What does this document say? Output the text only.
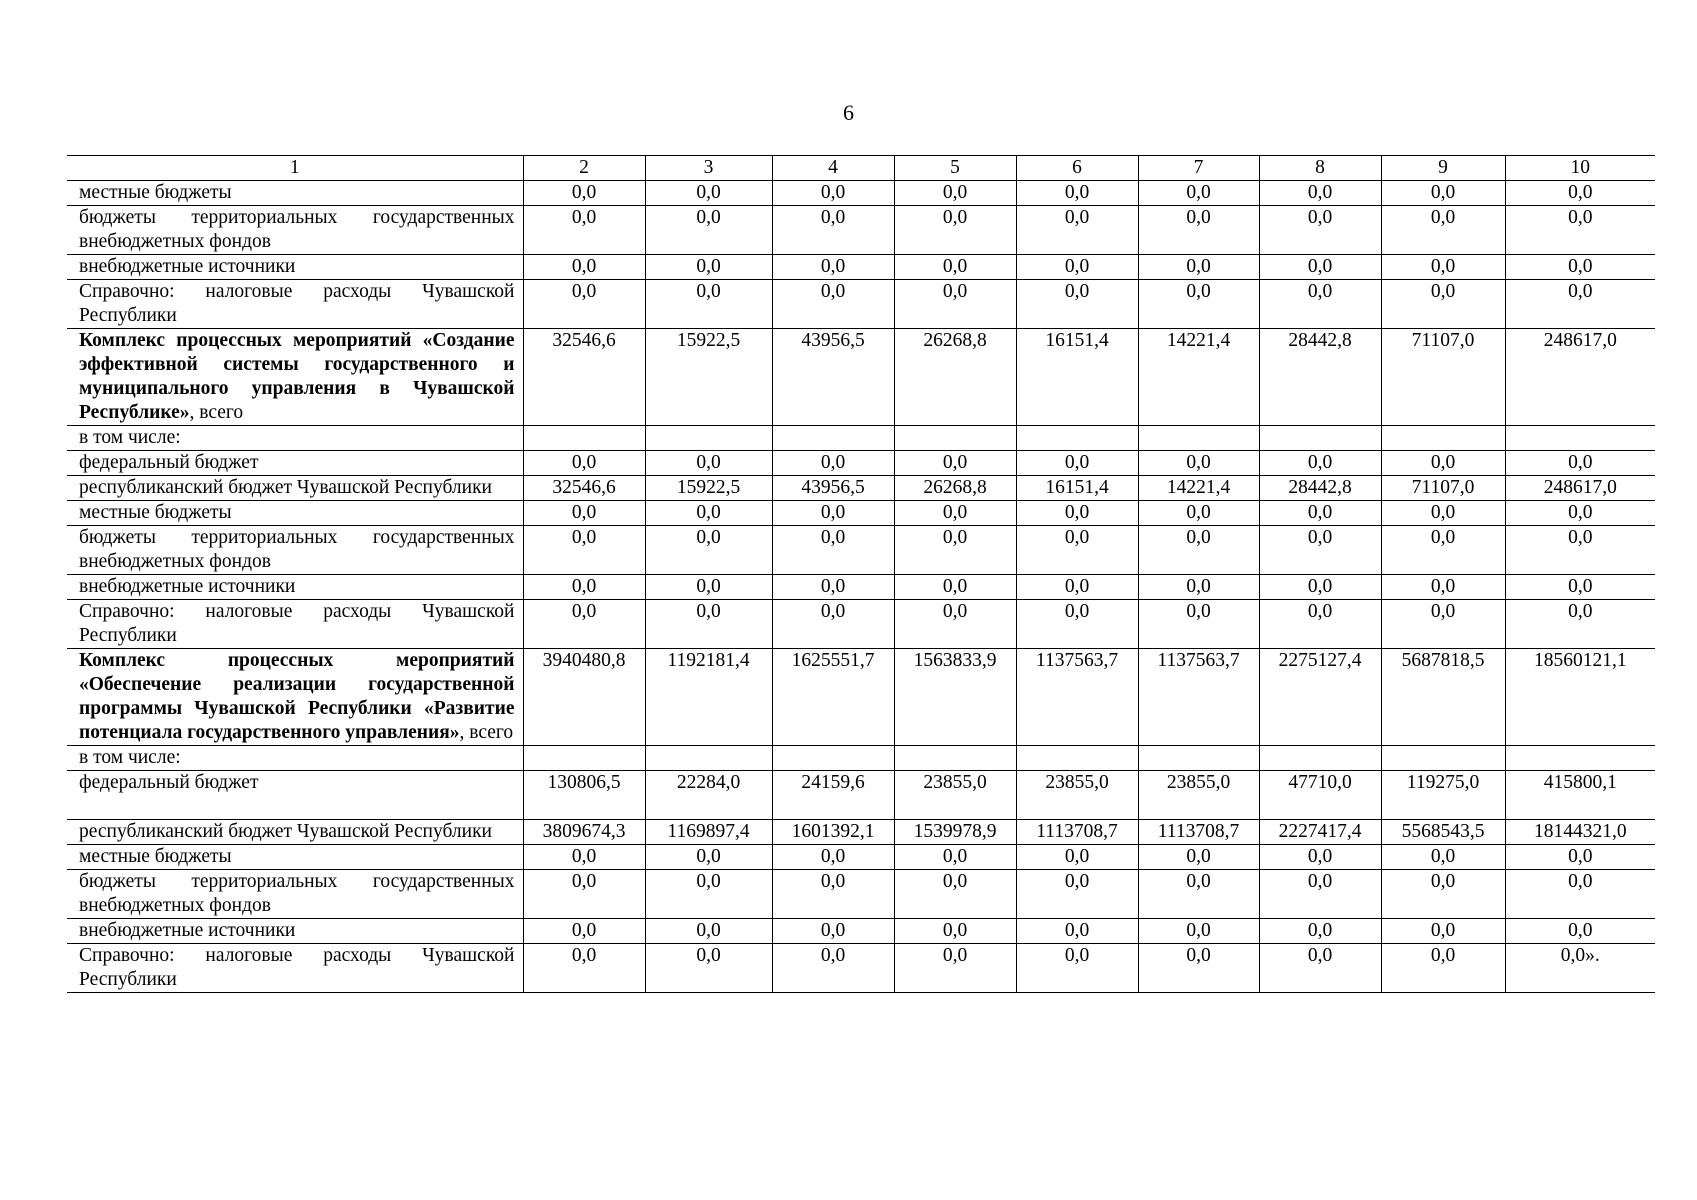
6
1	2	3	4	5	6	7	8	9	10
местные бюджеты	0,0	0,0	0,0	0,0	0,0	0,0	0,0	0,0	0,0
бюджеты территориальных государственных внебюджетных фондов	0,0	0,0	0,0	0,0	0,0	0,0	0,0	0,0	0,0
внебюджетные источники	0,0	0,0	0,0	0,0	0,0	0,0	0,0	0,0	0,0
Справочно: налоговые расходы Чувашской Республики	0,0	0,0	0,0	0,0	0,0	0,0	0,0	0,0	0,0
Комплекс процессных мероприятий «Создание эффективной системы государственного и муниципального управления в Чувашской Республике», всего	32546,6	15922,5	43956,5	26268,8	16151,4	14221,4	28442,8	71107,0	248617,0
в том числе:									
федеральный бюджет	0,0	0,0	0,0	0,0	0,0	0,0	0,0	0,0	0,0
республиканский бюджет Чувашской Республики	32546,6	15922,5	43956,5	26268,8	16151,4	14221,4	28442,8	71107,0	248617,0
местные бюджеты	0,0	0,0	0,0	0,0	0,0	0,0	0,0	0,0	0,0
бюджеты территориальных государственных внебюджетных фондов	0,0	0,0	0,0	0,0	0,0	0,0	0,0	0,0	0,0
внебюджетные источники	0,0	0,0	0,0	0,0	0,0	0,0	0,0	0,0	0,0
Справочно: налоговые расходы Чувашской Республики	0,0	0,0	0,0	0,0	0,0	0,0	0,0	0,0	0,0
Комплекс процессных мероприятий «Обеспечение реализации государственной программы Чувашской Республики «Развитие потенциала государственного управления», всего	3940480,8	1192181,4	1625551,7	1563833,9	1137563,7	1137563,7	2275127,4	5687818,5	18560121,1
в том числе:									
федеральный бюджет	130806,5	22284,0	24159,6	23855,0	23855,0	23855,0	47710,0	119275,0	415800,1
республиканский бюджет Чувашской Республики	3809674,3	1169897,4	1601392,1	1539978,9	1113708,7	1113708,7	2227417,4	5568543,5	18144321,0
местные бюджеты	0,0	0,0	0,0	0,0	0,0	0,0	0,0	0,0	0,0
бюджеты территориальных государственных внебюджетных фондов	0,0	0,0	0,0	0,0	0,0	0,0	0,0	0,0	0,0
внебюджетные источники	0,0	0,0	0,0	0,0	0,0	0,0	0,0	0,0	0,0
Справочно: налоговые расходы Чувашской Республики	0,0	0,0	0,0	0,0	0,0	0,0	0,0	0,0	0,0».
